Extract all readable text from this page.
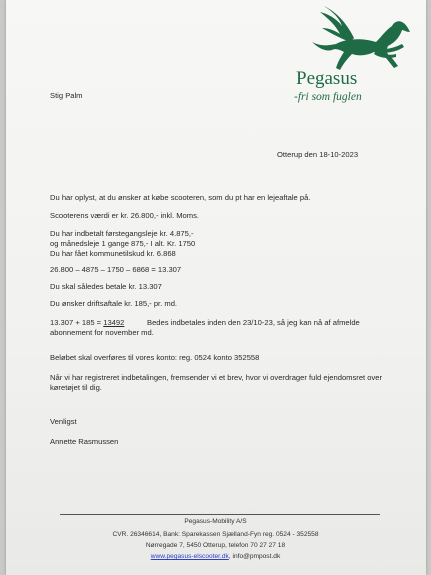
Pegasus
-fri som fuglen
Stig Palm
Otterup den 18-10-2023
Du har oplyst, at du ønsker at købe scooteren, som du pt har en lejeaftale på.
Scooterens værdi er kr. 26.800,- inkl. Moms.
Du har indbetalt førstegangsleje kr. 4.875,-
og månedsleje 1 gange 875,- I alt. Kr. 1750
Du har fået kommunetilskud kr. 6.868
26.800 – 4875 – 1750 – 6868 = 13.307
Du skal således betale kr. 13.307
Du ønsker driftsaftale kr. 185,- pr. md.
13.307 + 185 = 13492	Bedes indbetales inden den 23/10-23, så jeg kan nå af afmelde
abonnement for november md.
Beløbet skal overføres til vores konto: reg. 0524 konto 352558
Når vi har registreret indbetalingen, fremsender vi et brev, hvor vi overdrager fuld ejendomsret over
køretøjet til dig.
Venligst
Annette Rasmussen
Pegasus-Mobility A/S
CVR. 26346614, Bank: Sparekassen Sjælland-Fyn reg. 0524 - 352558
Nørregade 7, 5450 Otterup, telefon 70 27 27 18
www.pegasus-elscooter.dk, info@pmpost.dk
